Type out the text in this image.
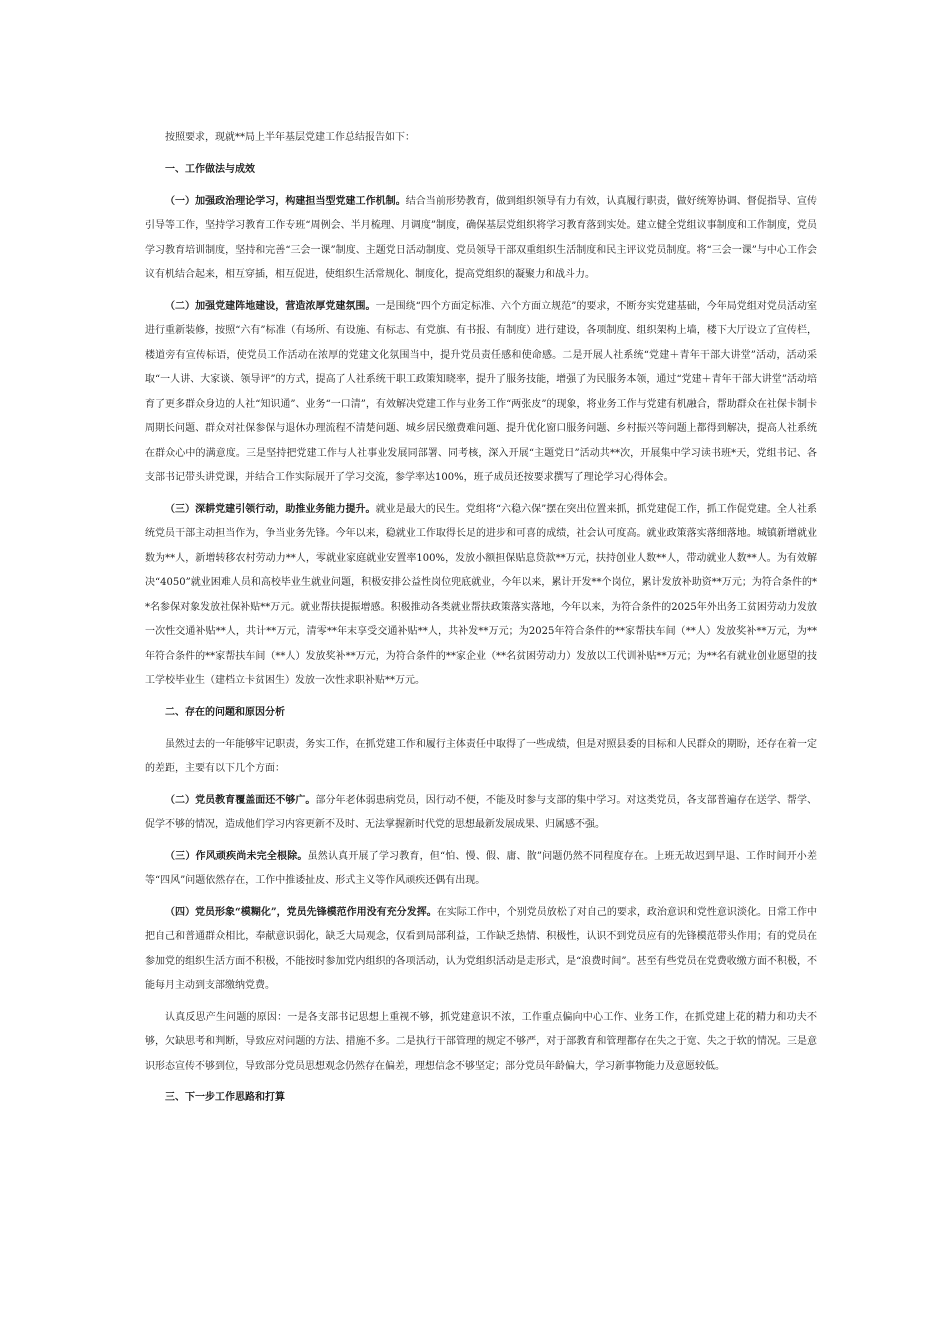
按照要求，现就**局上半年基层党建工作总结报告如下：

一、工作做法与成效

（一）加强政治理论学习，构建担当型党建工作机制。结合当前形势教育，做到组织领导有力有效，认真履行职责，做好统筹协调、督促指导、宣传引导等工作，坚持学习教育工作专班“周例会、半月梳理、月调度”制度，确保基层党组织将学习教育落到实处。建立健全党组议事制度和工作制度，党员学习教育培训制度，坚持和完善“三会一课”制度、主题党日活动制度、党员领导干部双重组织生活制度和民主评议党员制度。将“三会一课”与中心工作会议有机结合起来，相互穿插，相互促进，使组织生活常规化、制度化，提高党组织的凝聚力和战斗力。

（二）加强党建阵地建设，营造浓厚党建氛围。一是围绕“四个方面定标准、六个方面立规范”的要求，不断夯实党建基础，今年局党组对党员活动室进行重新装修，按照“六有”标准（有场所、有设施、有标志、有党旗、有书报、有制度）进行建设，各项制度、组织架构上墙，楼下大厅设立了宣传栏，楼道旁有宣传标语，使党员工作活动在浓厚的党建文化氛围当中，提升党员责任感和使命感。二是开展人社系统“党建＋青年干部大讲堂”活动，活动采取“一人讲、大家谈、领导评”的方式，提高了人社系统干职工政策知晓率，提升了服务技能，增强了为民服务本领，通过“党建＋青年干部大讲堂”活动培育了更多群众身边的人社“知识通”、业务“一口清”，有效解决党建工作与业务工作“两张皮”的现象，将业务工作与党建有机融合，帮助群众在社保卡制卡周期长问题、群众对社保参保与退休办理流程不清楚问题、城乡居民缴费难问题、提升优化窗口服务问题、乡村振兴等问题上都得到解决，提高人社系统在群众心中的满意度。三是坚持把党建工作与人社事业发展同部署、同考核，深入开展“主题党日”活动共**次，开展集中学习读书班*天，党组书记、各支部书记带头讲党课，并结合工作实际展开了学习交流，参学率达100%，班子成员还按要求撰写了理论学习心得体会。

（三）深耕党建引领行动，助推业务能力提升。就业是最大的民生。党组将“六稳六保”摆在突出位置来抓，抓党建促工作，抓工作促党建。全人社系统党员干部主动担当作为，争当业务先锋。今年以来，稳就业工作取得长足的进步和可喜的成绩，社会认可度高。就业政策落实落细落地。城镇新增就业数为**人，新增转移农村劳动力**人，零就业家庭就业安置率100%，发放小额担保贴息贷款**万元，扶持创业人数**人，带动就业人数**人。为有效解决“4050”就业困难人员和高校毕业生就业问题，积极安排公益性岗位兜底就业，今年以来，累计开发**个岗位，累计发放补助资**万元；为符合条件的**名参保对象发放社保补贴**万元。就业帮扶提振增感。积极推动各类就业帮扶政策落实落地，今年以来，为符合条件的2025年外出务工贫困劳动力发放一次性交通补贴**人，共计**万元，清零**年末享受交通补贴**人，共补发**万元；为2025年符合条件的**家帮扶车间（**人）发放奖补**万元，为**年符合条件的**家帮扶车间（**人）发放奖补**万元，为符合条件的**家企业（**名贫困劳动力）发放以工代训补贴**万元；为**名有就业创业愿望的技工学校毕业生（建档立卡贫困生）发放一次性求职补贴**万元。

二、存在的问题和原因分析

虽然过去的一年能够牢记职责，务实工作，在抓党建工作和履行主体责任中取得了一些成绩，但是对照县委的目标和人民群众的期盼，还存在着一定的差距，主要有以下几个方面：

（二）党员教育覆盖面还不够广。部分年老体弱患病党员，因行动不便，不能及时参与支部的集中学习。对这类党员，各支部普遍存在送学、帮学、促学不够的情况，造成他们学习内容更新不及时、无法掌握新时代党的思想最新发展成果、归属感不强。

（三）作风顽疾尚未完全根除。虽然认真开展了学习教育，但“怕、慢、假、庸、散”问题仍然不同程度存在。上班无故迟到早退、工作时间开小差等“四风”问题依然存在，工作中推诿扯皮、形式主义等作风顽疾还偶有出现。

（四）党员形象“模糊化”，党员先锋模范作用没有充分发挥。在实际工作中，个别党员放松了对自己的要求，政治意识和党性意识淡化。日常工作中把自己和普通群众相比，奉献意识弱化，缺乏大局观念，仅看到局部利益，工作缺乏热情、积极性，认识不到党员应有的先锋模范带头作用；有的党员在参加党的组织生活方面不积极，不能按时参加党内组织的各项活动，认为党组织活动是走形式，是“浪费时间”。甚至有些党员在党费收缴方面不积极，不能每月主动到支部缴纳党费。

认真反思产生问题的原因：一是各支部书记思想上重视不够，抓党建意识不浓，工作重点偏向中心工作、业务工作，在抓党建上花的精力和功夫不够，欠缺思考和判断，导致应对问题的方法、措施不多。二是执行干部管理的规定不够严，对于部教育和管理都存在失之于宽、失之于软的情况。三是意识形态宣传不够到位，导致部分党员思想观念仍然存在偏差，理想信念不够坚定；部分党员年龄偏大，学习新事物能力及意愿较低。

三、下一步工作思路和打算
